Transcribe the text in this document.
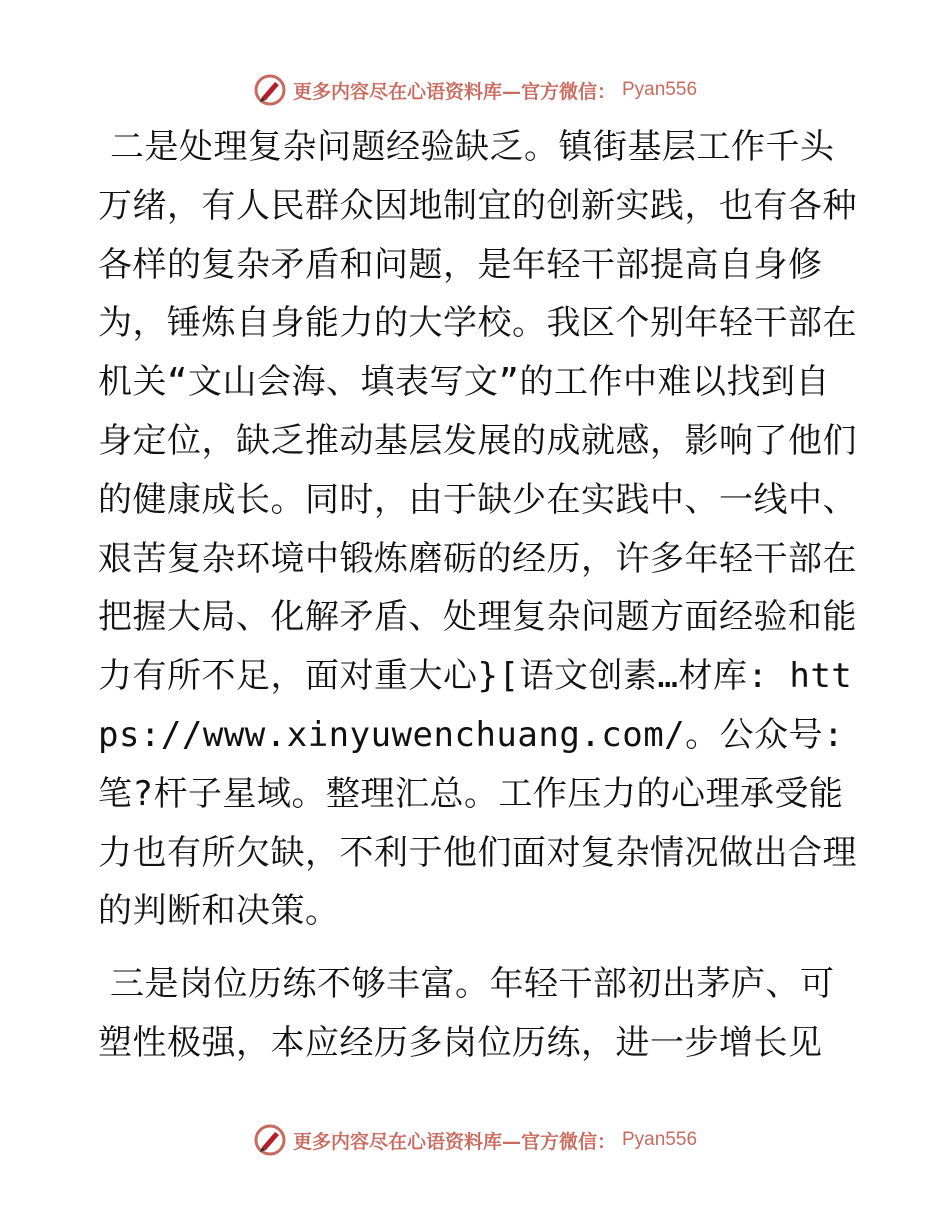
更多内容尽在心语资料库—官方微信： Pyan556

二是处理复杂问题经验缺乏。镇街基层工作千头万绪，有人民群众因地制宜的创新实践，也有各种各样的复杂矛盾和问题，是年轻干部提高自身修为，锤炼自身能力的大学校。我区个别年轻干部在机关“文山会海、填表写文”的工作中难以找到自身定位，缺乏推动基层发展的成就感，影响了他们的健康成长。同时，由于缺少在实践中、一线中、艰苦复杂环境中锻炼磨砺的经历，许多年轻干部在把握大局、化解矛盾、处理复杂问题方面经验和能力有所不足，面对重大心}[语文创素…材库: https://www.xinyuwenchuang.com/。公众号: 笔?杆子星域。整理汇总。工作压力的心理承受能力也有所欠缺，不利于他们面对复杂情况做出合理的判断和决策。

三是岗位历练不够丰富。年轻干部初出茅庐、可塑性极强，本应经历多岗位历练，进一步增长见

更多内容尽在心语资料库—官方微信： Pyan556
